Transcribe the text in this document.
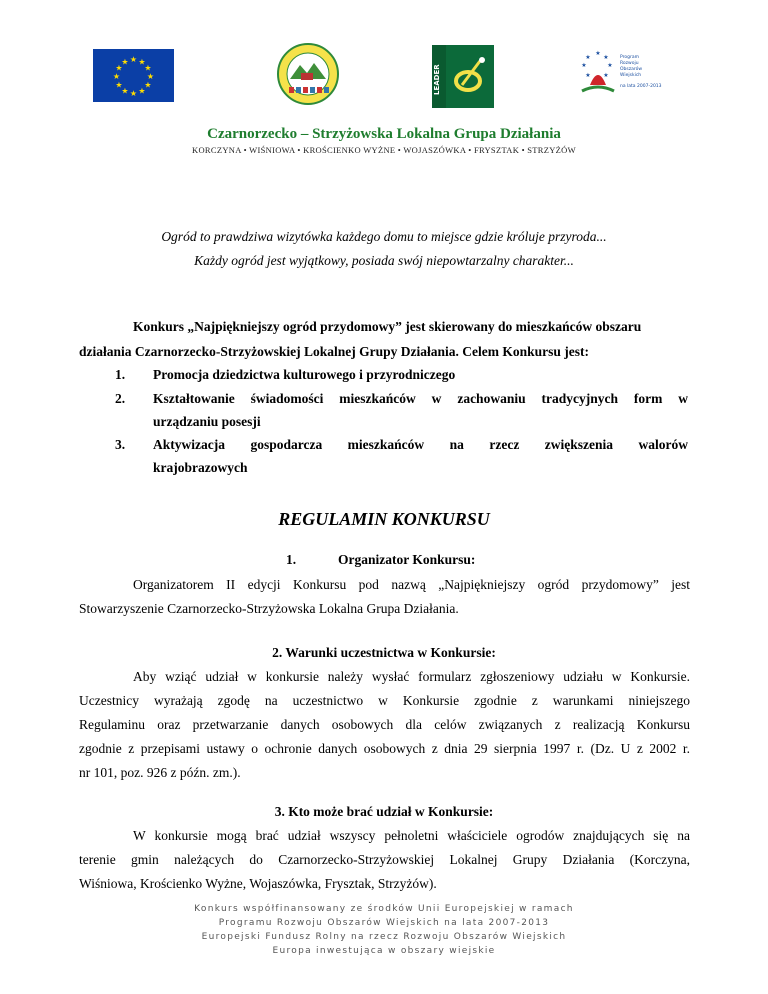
★ ★
★
★
★
★
★
★
★
★
★
★
LEADER
★
★
★
★
★
★
★	Program
Rozwoju
Obszarów
Wiejskich
na lata 2007-2013
Czarnorzecko – Strzyżowska Lokalna Grupa Działania
KORCZYNA • WIŚNIOWA • KROŚCIENKO WYŻNE • WOJASZÓWKA • FRYSZTAK • STRZYŻÓW
Ogród to prawdziwa wizytówka każdego domu to miejsce gdzie króluje przyroda...
Każdy ogród jest wyjątkowy, posiada swój niepowtarzalny charakter...
Konkurs „Najpiękniejszy ogród przydomowy” jest skierowany do mieszkańców obszaru
działania Czarnorzecko-Strzyżowskiej Lokalnej Grupy Działania. Celem Konkursu jest:
1. Promocja dziedzictwa kulturowego i przyrodniczego
2. Kształtowanie świadomości mieszkańców w zachowaniu tradycyjnych form w
urządzaniu posesji
3. Aktywizacja gospodarcza mieszkańców na rzecz zwiększenia walorów
krajobrazowych
REGULAMIN KONKURSU
1.	Organizator Konkursu:
Organizatorem II edycji Konkursu pod nazwą „Najpiękniejszy ogród przydomowy” jest
Stowarzyszenie Czarnorzecko-Strzyżowska Lokalna Grupa Działania.
2. Warunki uczestnictwa w Konkursie:
Aby wziąć udział w konkursie należy wysłać formularz zgłoszeniowy udziału w Konkursie.
Uczestnicy wyrażają zgodę na uczestnictwo w Konkursie zgodnie z warunkami niniejszego
Regulaminu oraz przetwarzanie danych osobowych dla celów związanych z realizacją Konkursu
zgodnie z przepisami ustawy o ochronie danych osobowych z dnia 29 sierpnia 1997 r. (Dz. U z 2002 r.
nr 101, poz. 926 z późn. zm.).
3. Kto może brać udział w Konkursie:
W konkursie mogą brać udział wszyscy pełnoletni właściciele ogrodów znajdujących się na
terenie gmin należących do Czarnorzecko-Strzyżowskiej Lokalnej Grupy Działania (Korczyna,
Wiśniowa, Krościenko Wyżne, Wojaszówka, Frysztak, Strzyżów).
Konkurs współfinansowany ze środków Unii Europejskiej w ramach
Programu Rozwoju Obszarów Wiejskich na lata 2007-2013
Europejski Fundusz Rolny na rzecz Rozwoju Obszarów Wiejskich
Europa inwestująca w obszary wiejskie
